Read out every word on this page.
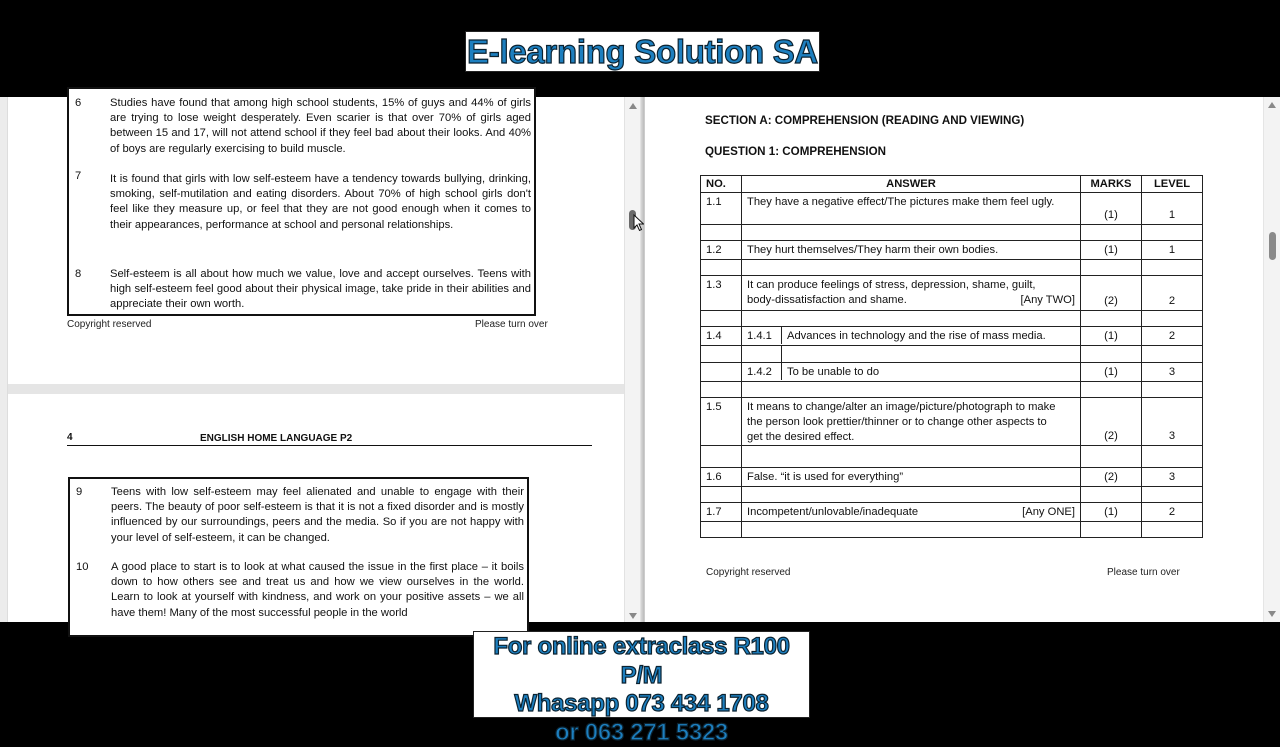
E-learning Solution SA
6	Studies have found that among high school students, 15% of guys and 44% of girls are trying to lose weight desperately. Even scarier is that over 70% of girls aged between 15 and 17, will not attend school if they feel bad about their looks. And 40% of boys are regularly exercising to build muscle.
7	It is found that girls with low self-esteem have a tendency towards bullying, drinking, smoking, self-mutilation and eating disorders. About 70% of high school girls don't feel like they measure up, or feel that they are not good enough when it comes to their appearances, performance at school and personal relationships.
8	Self-esteem is all about how much we value, love and accept ourselves. Teens with high self-esteem feel good about their physical image, take pride in their abilities and appreciate their own worth.
Copyright reserved	Please turn over
4	ENGLISH HOME LANGUAGE P2
9	Teens with low self-esteem may feel alienated and unable to engage with their peers. The beauty of poor self-esteem is that it is not a fixed disorder and is mostly influenced by our surroundings, peers and the media. So if you are not happy with your level of self-esteem, it can be changed.
10 A good place to start is to look at what caused the issue in the first place – it boils down to how others see and treat us and how we view ourselves in the world. Learn to look at yourself with kindness, and work on your positive assets – we all have them! Many of the most successful people in the world
SECTION A: COMPREHENSION (READING AND VIEWING)
QUESTION 1: COMPREHENSION
NO.	ANSWER	MARKS	LEVEL
1.1	They have a negative effect/The pictures make them feel ugly.	(1)	1

1.2	They hurt themselves/They harm their own bodies.	(1)	1

1.3	It can produce feelings of stress, depression, shame, guilt, body-dissatisfaction and shame. [Any TWO]	(2)	2

1.4	1.4.1 Advances in technology and the rise of mass media.	(1)	2

	1.4.2 To be unable to do	(1)	3

1.5	It means to change/alter an image/picture/photograph to make the person look prettier/thinner or to change other aspects to get the desired effect.	(2)	3

1.6	False. “it is used for everything”	(2)	3

1.7	Incompetent/unlovable/inadequate [Any ONE]	(1)	2

Copyright reserved	Please turn over
For online extraclass R100 P/M
Whasapp 073 434 1708
or 063 271 5323
